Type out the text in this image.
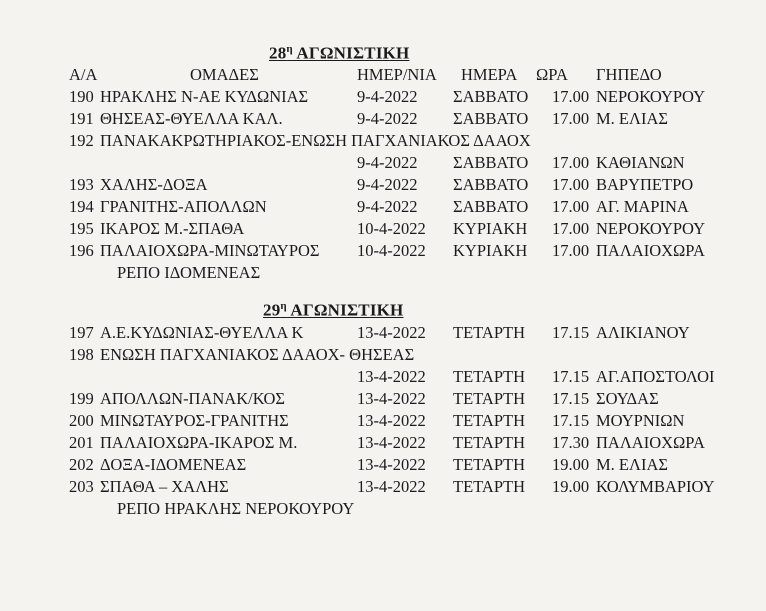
$28^\eta$ ΑΓΩΝΙΣΤΙΚΗ
Α/Α	ΟΜΑΔΕΣ	ΗΜΕΡ/ΝΙΑ ΗΜΕΡΑ ΩΡΑ ΓΗΠΕΔΟ
190 ΗΡΑΚΛΗΣ Ν-ΑΕ ΚΥΔΩΝΙΑΣ	9-4-2022 ΣΑΒΒΑΤΟ 17.00 ΝΕΡΟΚΟΥΡΟΥ
191 ΘΗΣΕΑΣ-ΘΥΕΛΛΑ ΚΑΛ.	9-4-2022 ΣΑΒΒΑΤΟ 17.00 Μ. ΕΛΙΑΣ
192 ΠΑΝΑΚΑΚΡΩΤΗΡΙΑΚΟΣ-ΕΝΩΣΗ ΠΑΓΧΑΝΙΑΚΟΣ ΔΑΑΟΧ
9-4-2022 ΣΑΒΒΑΤΟ 17.00 ΚΑΘΙΑΝΩΝ
193 ΧΑΛΗΣ-ΔΟΞΑ	9-4-2022 ΣΑΒΒΑΤΟ 17.00 ΒΑΡΥΠΕΤΡΟ
194 ΓΡΑΝΙΤΗΣ-ΑΠΟΛΛΩΝ	9-4-2022 ΣΑΒΒΑΤΟ 17.00 ΑΓ. ΜΑΡΙΝΑ
195 ΙΚΑΡΟΣ Μ.-ΣΠΑΘΑ	10-4-2022 ΚΥΡΙΑΚΗ 17.00 ΝΕΡΟΚΟΥΡΟΥ
196 ΠΑΛΑΙΟΧΩΡΑ-ΜΙΝΩΤΑΥΡΟΣ 10-4-2022 ΚΥΡΙΑΚΗ 17.00 ΠΑΛΑΙΟΧΩΡΑ
ΡΕΠΟ ΙΔΟΜΕΝΕΑΣ
$29^\eta$ ΑΓΩΝΙΣΤΙΚΗ
197 Α.Ε.ΚΥΔΩΝΙΑΣ-ΘΥΕΛΛΑ Κ	13-4-2022 ΤΕΤΑΡΤΗ 17.15 ΑΛΙΚΙΑΝΟΥ
198 ΕΝΩΣΗ ΠΑΓΧΑΝΙΑΚΟΣ ΔΑΑΟΧ- ΘΗΣΕΑΣ
13-4-2022 ΤΕΤΑΡΤΗ 17.15 ΑΓ.ΑΠΟΣΤΟΛΟΙ
199 ΑΠΟΛΛΩΝ-ΠΑΝΑΚ/ΚΟΣ	13-4-2022 ΤΕΤΑΡΤΗ 17.15 ΣΟΥΔΑΣ
200 ΜΙΝΩΤΑΥΡΟΣ-ΓΡΑΝΙΤΗΣ	13-4-2022 ΤΕΤΑΡΤΗ 17.15 ΜΟΥΡΝΙΩΝ
201 ΠΑΛΑΙΟΧΩΡΑ-ΙΚΑΡΟΣ Μ.	13-4-2022 ΤΕΤΑΡΤΗ 17.30 ΠΑΛΑΙΟΧΩΡΑ
202 ΔΟΞΑ-ΙΔΟΜΕΝΕΑΣ	13-4-2022 ΤΕΤΑΡΤΗ 19.00 Μ. ΕΛΙΑΣ
203 ΣΠΑΘΑ – ΧΑΛΗΣ	13-4-2022 ΤΕΤΑΡΤΗ 19.00 ΚΟΛΥΜΒΑΡΙΟΥ
ΡΕΠΟ ΗΡΑΚΛΗΣ ΝΕΡΟΚΟΥΡΟΥ
